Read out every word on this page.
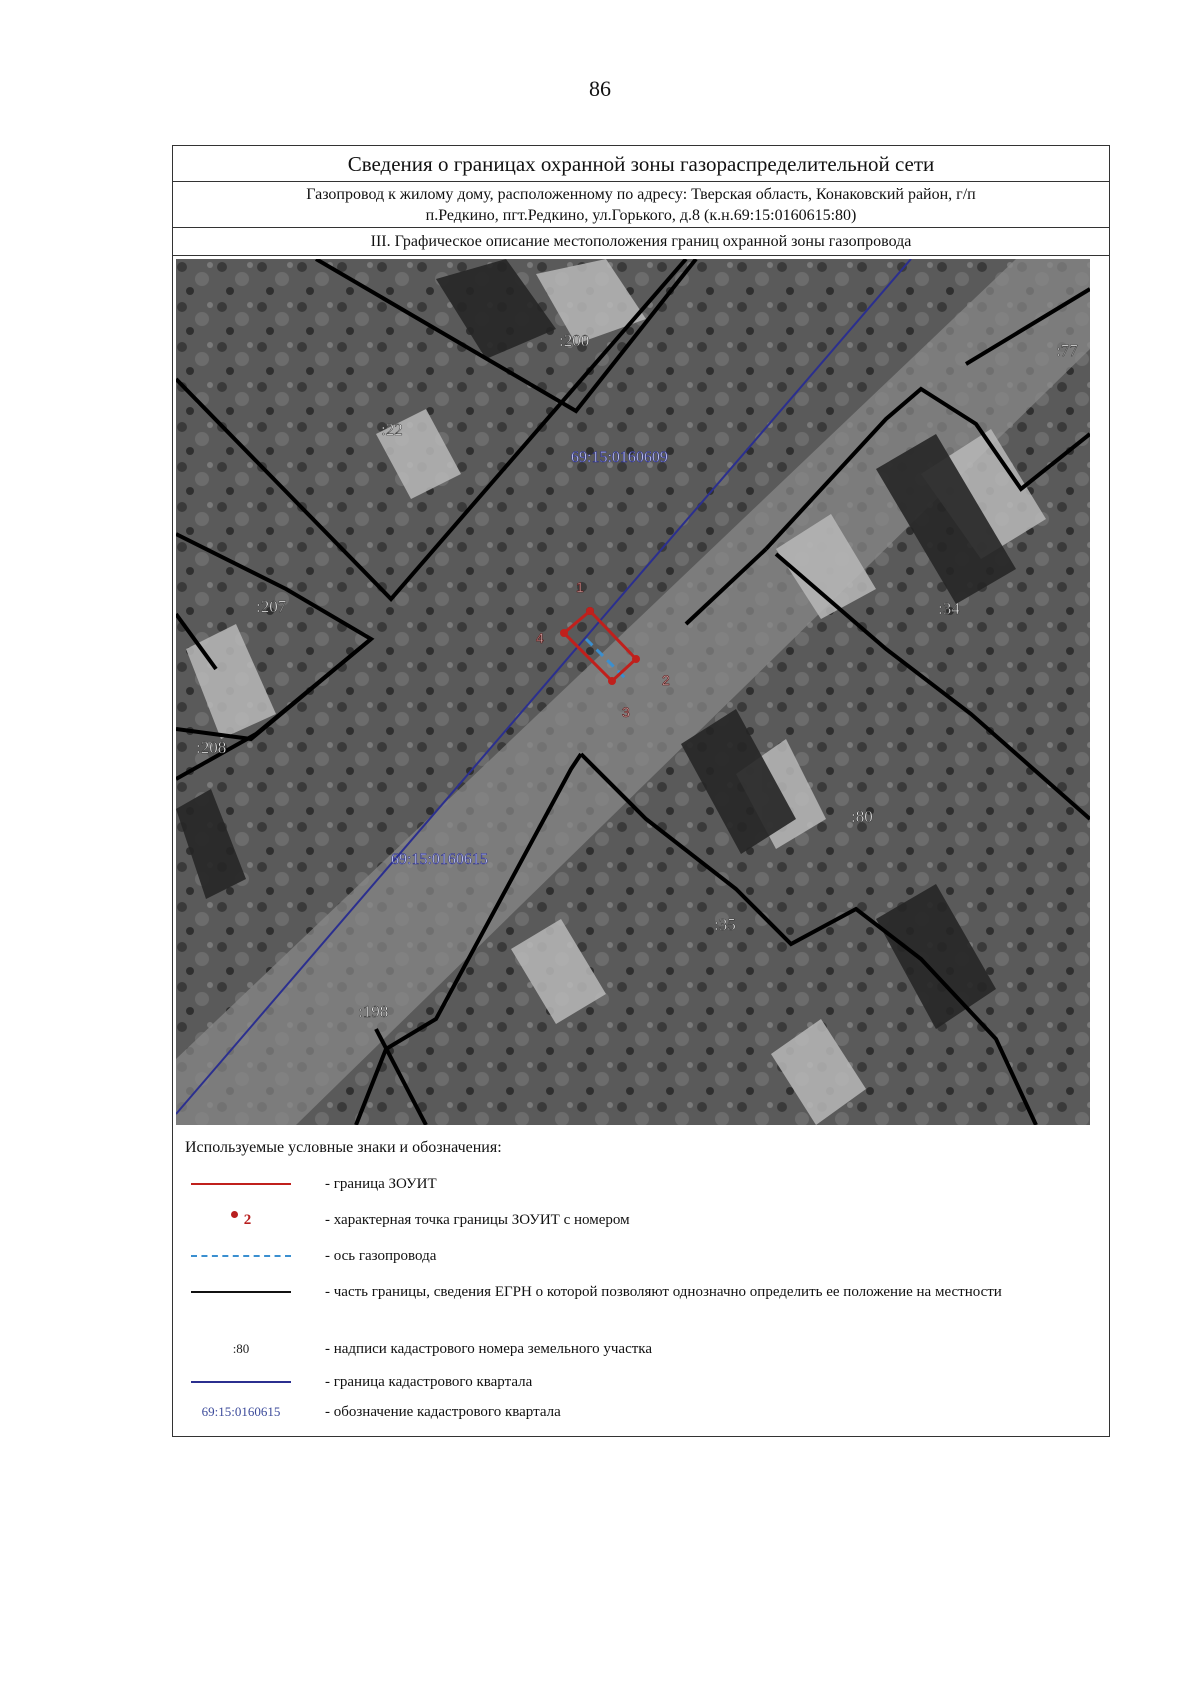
86
Сведения о границах охранной зоны газораспределительной сети
Газопровод к жилому дому, расположенному по адресу: Тверская область, Конаковский район, г/п
п.Редкино, пгт.Редкино, ул.Горького, д.8 (к.н.69:15:0160615:80)
III. Графическое описание местоположения границ охранной зоны газопровода
1
2
3
4
:200
:77
:22
:207	:34
:208
:80
:35
:198
69:15:0160609
69:15:0160615
Используемые условные знаки и обозначения:
- граница ЗОУИТ
2	- характерная точка границы ЗОУИТ с номером
- ось газопровода
- часть границы, сведения ЕГРН о которой позволяют однозначно определить ее положение на местности
:80	- надписи кадастрового номера земельного участка
- граница кадастрового квартала
69:15:0160615	- обозначение кадастрового квартала
